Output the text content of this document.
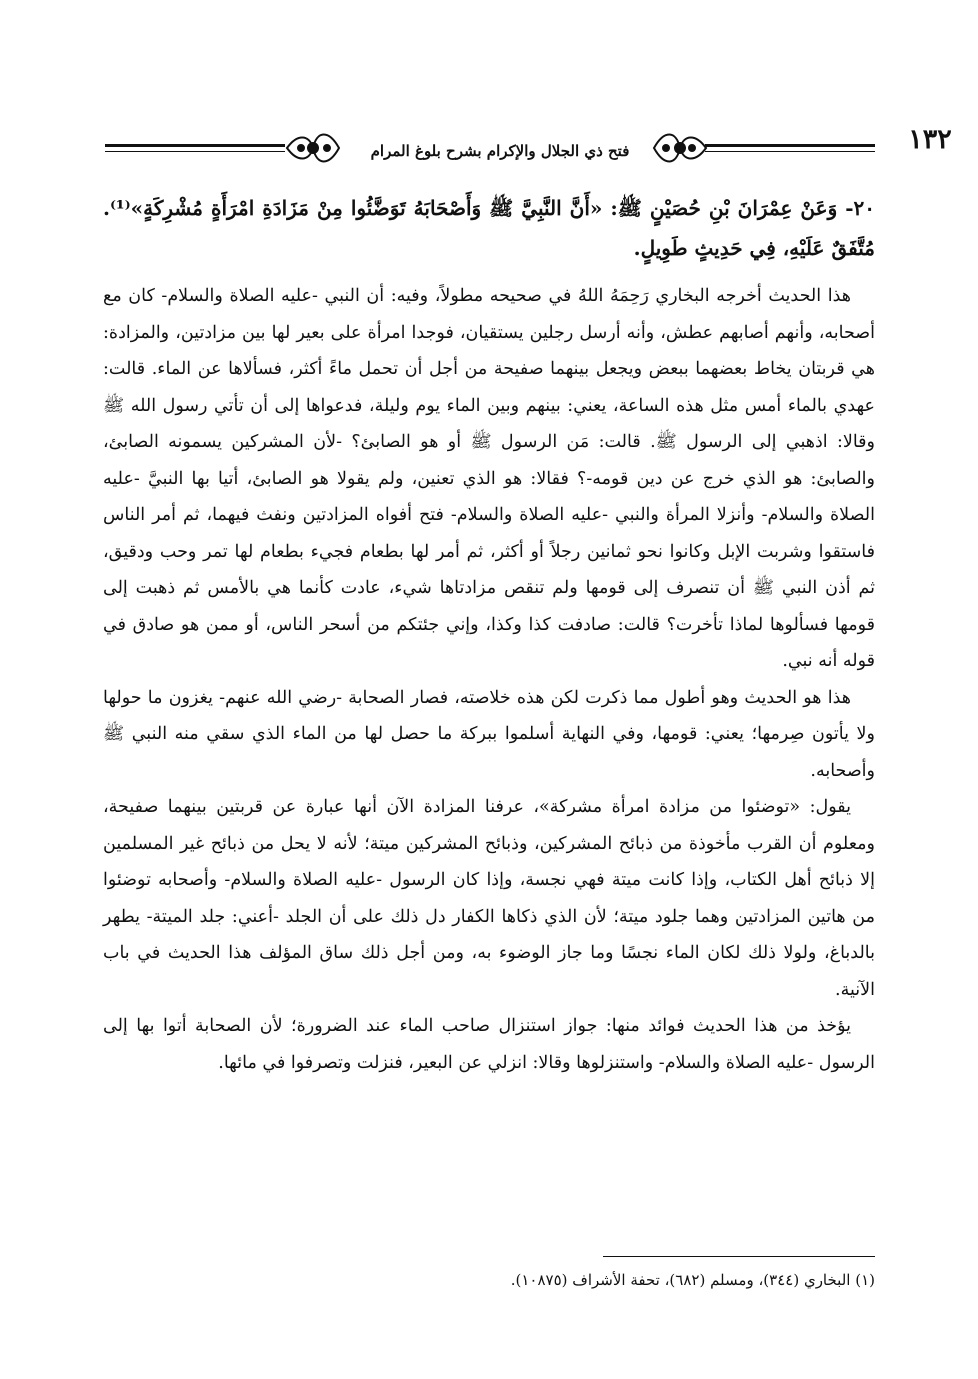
فتح ذي الجلال والإكرام بشرح بلوغ المرام	١٣٢

٢٠- وَعَنْ عِمْرَانَ بْنِ حُصَيْنٍ ﷺ: «أَنَّ النَّبِيَّ ﷺ وَأَصْحَابَهُ تَوَضَّئُوا مِنْ مَزَادَةِ امْرَأَةٍ مُشْرِكَةٍ»⁽¹⁾. مُتَّفَقٌ عَلَيْهِ، فِي حَدِيثٍ طَوِيلٍ.

هذا الحديث أخرجه البخاري رَحِمَهُ اللهُ في صحيحه مطولاً، وفيه: أن النبي -عليه الصلاة والسلام- كان مع أصحابه، وأنهم أصابهم عطش، وأنه أرسل رجلين يستقيان، فوجدا امرأة على بعير لها بين مزادتين، والمزادة: هي قربتان يخاط بعضهما ببعض ويجعل بينهما صفيحة من أجل أن تحمل ماءً أكثر، فسألاها عن الماء. قالت: عهدي بالماء أمس مثل هذه الساعة، يعني: بينهم وبين الماء يوم وليلة، فدعواها إلى أن تأتي رسول الله ﷺ وقالا: اذهبي إلى الرسول ﷺ. قالت: مَن الرسول ﷺ أو هو الصابئ؟ -لأن المشركين يسمونه الصابئ، والصابئ: هو الذي خرج عن دين قومه-؟ فقالا: هو الذي تعنين، ولم يقولا هو الصابئ، أتيا بها النبيَّ -عليه الصلاة والسلام- وأنزلا المرأة والنبي -عليه الصلاة والسلام- فتح أفواه المزادتين ونفث فيهما، ثم أمر الناس فاستقوا وشربت الإبل وكانوا نحو ثمانين رجلاً أو أكثر، ثم أمر لها بطعام فجيء بطعام لها تمر وحب ودقيق، ثم أذن النبي ﷺ أن تنصرف إلى قومها ولم تنقص مزادتاها شيء، عادت كأنما هي بالأمس ثم ذهبت إلى قومها فسألوها لماذا تأخرت؟ قالت: صادفت كذا وكذا، وإني جئتكم من أسحر الناس، أو ممن هو صادق في قوله أنه نبي.

هذا هو الحديث وهو أطول مما ذكرت لكن هذه خلاصته، فصار الصحابة -رضي الله عنهم- يغزون ما حولها ولا يأتون صِرمها؛ يعني: قومها، وفي النهاية أسلموا ببركة ما حصل لها من الماء الذي سقي منه النبي ﷺ وأصحابه.

يقول: «توضئوا من مزادة امرأة مشركة»، عرفنا المزادة الآن أنها عبارة عن قربتين بينهما صفيحة، ومعلوم أن القرب مأخوذة من ذبائح المشركين، وذبائح المشركين ميتة؛ لأنه لا يحل من ذبائح غير المسلمين إلا ذبائح أهل الكتاب، وإذا كانت ميتة فهي نجسة، وإذا كان الرسول -عليه الصلاة والسلام- وأصحابه توضئوا من هاتين المزادتين وهما جلود ميتة؛ لأن الذي ذكاها الكفار دل ذلك على أن الجلد -أعني: جلد الميتة- يطهر بالدباغ، ولولا ذلك لكان الماء نجسًا وما جاز الوضوء به، ومن أجل ذلك ساق المؤلف هذا الحديث في باب الآنية.

يؤخذ من هذا الحديث فوائد منها: جواز استنزال صاحب الماء عند الضرورة؛ لأن الصحابة أتوا بها إلى الرسول -عليه الصلاة والسلام- واستنزلوها وقالا: انزلي عن البعير، فنزلت وتصرفوا في مائها.

(١) البخاري (٣٤٤)، ومسلم (٦٨٢)، تحفة الأشراف (١٠٨٧٥).
